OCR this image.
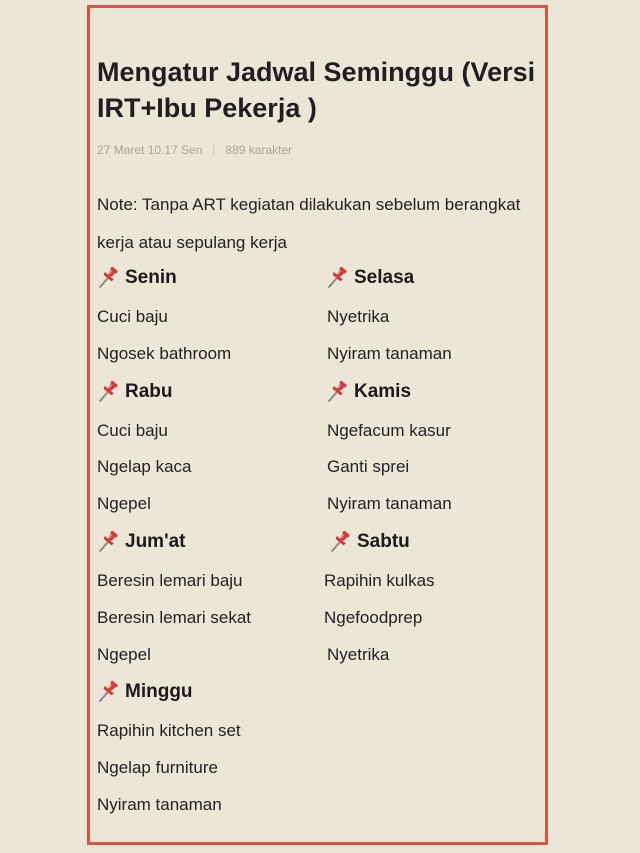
Mengatur Jadwal Seminggu (Versi IRT+Ibu Pekerja )
27 Maret 10.17 Sen 889 karakter
Note: Tanpa ART kegiatan dilakukan sebelum berangkat kerja atau sepulang kerja
Senin
Cuci baju
Ngosek bathroom
Selasa
Nyetrika
Nyiram tanaman
Rabu
Cuci baju
Ngelap kaca
Ngepel
Kamis
Ngefacum kasur
Ganti sprei
Nyiram tanaman
Jum'at
Beresin lemari baju
Beresin lemari sekat
Ngepel
Sabtu
Rapihin kulkas
Ngefoodprep
Nyetrika
Minggu
Rapihin kitchen set
Ngelap furniture
Nyiram tanaman
